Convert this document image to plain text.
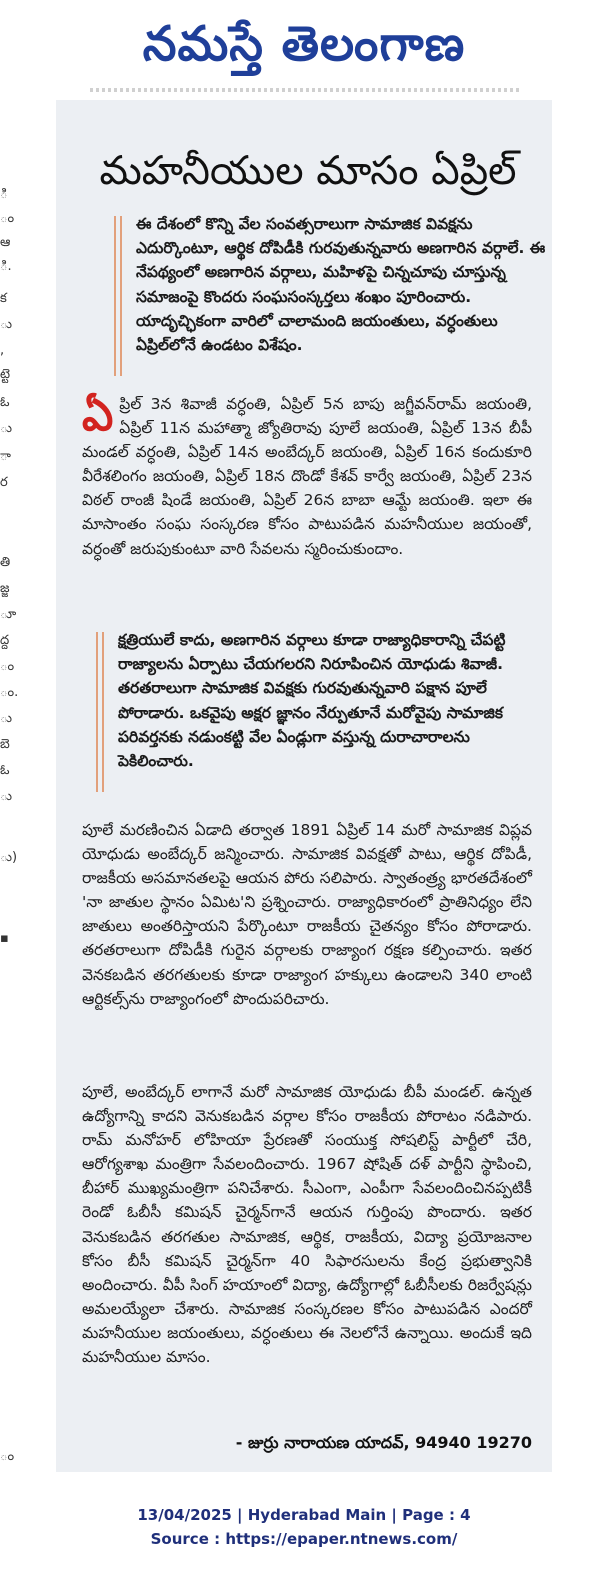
నమస్తే తెలంగాణ
ి
ం
ఆ
ి.
క
ు
,
ట్టె
ఓ
ు
ా
ర
తి
జ్జ
ూ
ద్ద
ం
ం.
ు
బె
ఓ
ు
ు)
▪
ం
మహనీయుల మాసం ఏప్రిల్
ఈ దేశంలో కొన్ని వేల సంవత్సరాలుగా సామాజిక వివక్షను ఎదుర్కొంటూ, ఆర్థిక దోపిడీకి గురవుతున్నవారు అణగారిన వర్గాలే. ఈ నేపథ్యంలో అణగారిన వర్గాలు, మహిళపై చిన్నచూపు చూస్తున్న సమాజంపై కొందరు సంఘసంస్కర్తలు శంఖం పూరించారు. యాదృచ్ఛికంగా వారిలో చాలామంది జయంతులు, వర్ధంతులు ఏప్రిల్‌లోనే ఉండటం విశేషం.
ఏ ప్రిల్ 3న శివాజీ వర్ధంతి, ఏప్రిల్ 5న బాపు జగ్జీవన్‌రామ్ జయంతి, ఏప్రిల్ 11న మహాత్మా జ్యోతిరావు పూలే జయంతి, ఏప్రిల్ 13న బీపీ మండల్ వర్ధంతి, ఏప్రిల్ 14న అంబేద్కర్ జయంతి, ఏప్రిల్ 16న కందుకూరి వీరేశలింగం జయంతి, ఏప్రిల్ 18న దొండో కేశవ్ కార్వే జయంతి, ఏప్రిల్ 23న విఠల్ రాంజీ షిండే జయంతి, ఏప్రిల్ 26న బాబా ఆమ్టే జయంతి. ఇలా ఈ మాసాంతం సంఘ సంస్కరణ కోసం పాటుపడిన మహనీయుల జయంతో, వర్ధంతో జరుపుకుంటూ వారి సేవలను స్మరించుకుందాం.
క్షత్రియులే కాదు, అణగారిన వర్గాలు కూడా రాజ్యాధికారాన్ని చేపట్టి రాజ్యాలను ఏర్పాటు చేయగలరని నిరూపించిన యోధుడు శివాజీ. తరతరాలుగా సామాజిక వివక్షకు గురవుతున్నవారి పక్షాన పూలే పోరాడారు. ఒకవైపు అక్షర జ్ఞానం నేర్పుతూనే మరోవైపు సామాజిక పరివర్తనకు నడుంకట్టి వేల ఏండ్లుగా వస్తున్న దురాచారాలను పెకిలించారు.
పూలే మరణించిన ఏడాది తర్వాత 1891 ఏప్రిల్ 14 మరో సామాజిక విప్లవ యోధుడు అంబేద్కర్ జన్మించారు. సామాజిక వివక్షతో పాటు, ఆర్థిక దోపిడీ, రాజకీయ అసమానతలపై ఆయన పోరు సలిపారు. స్వాతంత్ర్య భారతదేశంలో 'నా జాతుల స్థానం ఏమిట'ని ప్రశ్నించారు. రాజ్యాధికారంలో ప్రాతినిధ్యం లేని జాతులు అంతరిస్తాయని పేర్కొంటూ రాజకీయ చైతన్యం కోసం పోరాడారు. తరతరాలుగా దోపిడీకి గురైన వర్గాలకు రాజ్యాంగ రక్షణ కల్పించారు. ఇతర వెనకబడిన తరగతులకు కూడా రాజ్యాంగ హక్కులు ఉండాలని 340 లాంటి ఆర్టికల్స్‌ను రాజ్యాంగంలో పొందుపరిచారు.
పూలే, అంబేద్కర్ లాగానే మరో సామాజిక యోధుడు బీపీ మండల్. ఉన్నత ఉద్యోగాన్ని కాదని వెనుకబడిన వర్గాల కోసం రాజకీయ పోరాటం నడిపారు. రామ్ మనోహర్ లోహియా ప్రేరణతో సంయుక్త సోషలిస్ట్ పార్టీలో చేరి, ఆరోగ్యశాఖ మంత్రిగా సేవలందించారు. 1967 షోషిత్ దళ్ పార్టీని స్థాపించి, బీహార్ ముఖ్యమంత్రిగా పనిచేశారు. సీఎంగా, ఎంపీగా సేవలందించినప్పటికీ రెండో ఓబీసీ కమిషన్ చైర్మన్‌గానే ఆయన గుర్తింపు పొందారు. ఇతర వెనుకబడిన తరగతుల సామాజిక, ఆర్థిక, రాజకీయ, విద్యా ప్రయోజనాల కోసం బీసీ కమిషన్ చైర్మన్‌గా 40 సిఫారసులను కేంద్ర ప్రభుత్వానికి అందించారు. వీపీ సింగ్ హయాంలో విద్యా, ఉద్యోగాల్లో ఓబీసీలకు రిజర్వేషన్లు అమలయ్యేలా చేశారు. సామాజిక సంస్కరణల కోసం పాటుపడిన ఎందరో మహనీయుల జయంతులు, వర్ధంతులు ఈ నెలలోనే ఉన్నాయి. అందుకే ఇది మహనీయుల మాసం.
- జుర్రు నారాయణ యాదవ్, 94940 19270
13/04/2025 | Hyderabad Main | Page : 4
Source : https://epaper.ntnews.com/
